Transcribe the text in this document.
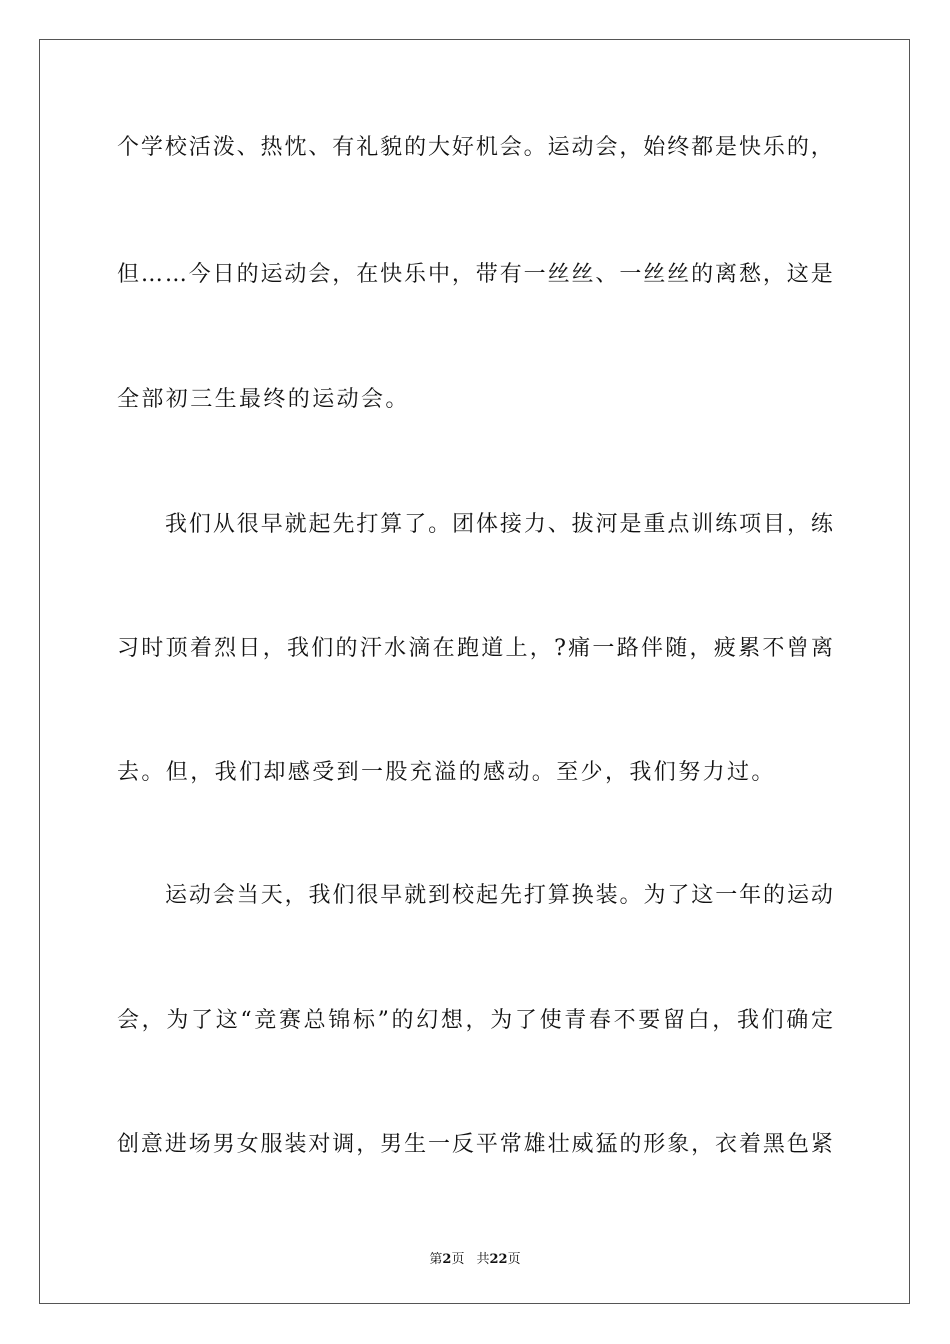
个 学 校 活 泼 、 热 忱 、 有 礼 貌 的 大 好 机 会 。 运 动 会 ， 始 终 都 是 快 乐 的 ，
但 … … 今 日 的 运 动 会 ， 在 快 乐 中 ， 带 有 一 丝 丝 、 一 丝 丝 的 离 愁 ， 这 是
全部初三生最终的运动会。
我 们 从 很 早 就 起 先 打 算 了 。 团 体 接 力 、 拔 河 是 重 点 训 练 项 目 ， 练
习 时 顶 着 烈 日 ， 我 们 的 汗 水 滴 在 跑 道 上 ， ? 痛 一 路 伴 随 ， 疲 累 不 曾 离
去。但，我们却感受到一股充溢的感动。至少，我们努力过。
运 动 会 当 天 ， 我 们 很 早 就 到 校 起 先 打 算 换 装 。 为 了 这 一 年 的 运 动
会 ， 为 了 这 “ 竞 赛 总 锦 标 ” 的 幻 想 ， 为 了 使 青 春 不 要 留 白 ， 我 们 确 定
创 意 进 场 男 女 服 装 对 调 ， 男 生 一 反 平 常 雄 壮 威 猛 的 形 象 ， 衣 着 黑 色 紧
第2页 共22页
